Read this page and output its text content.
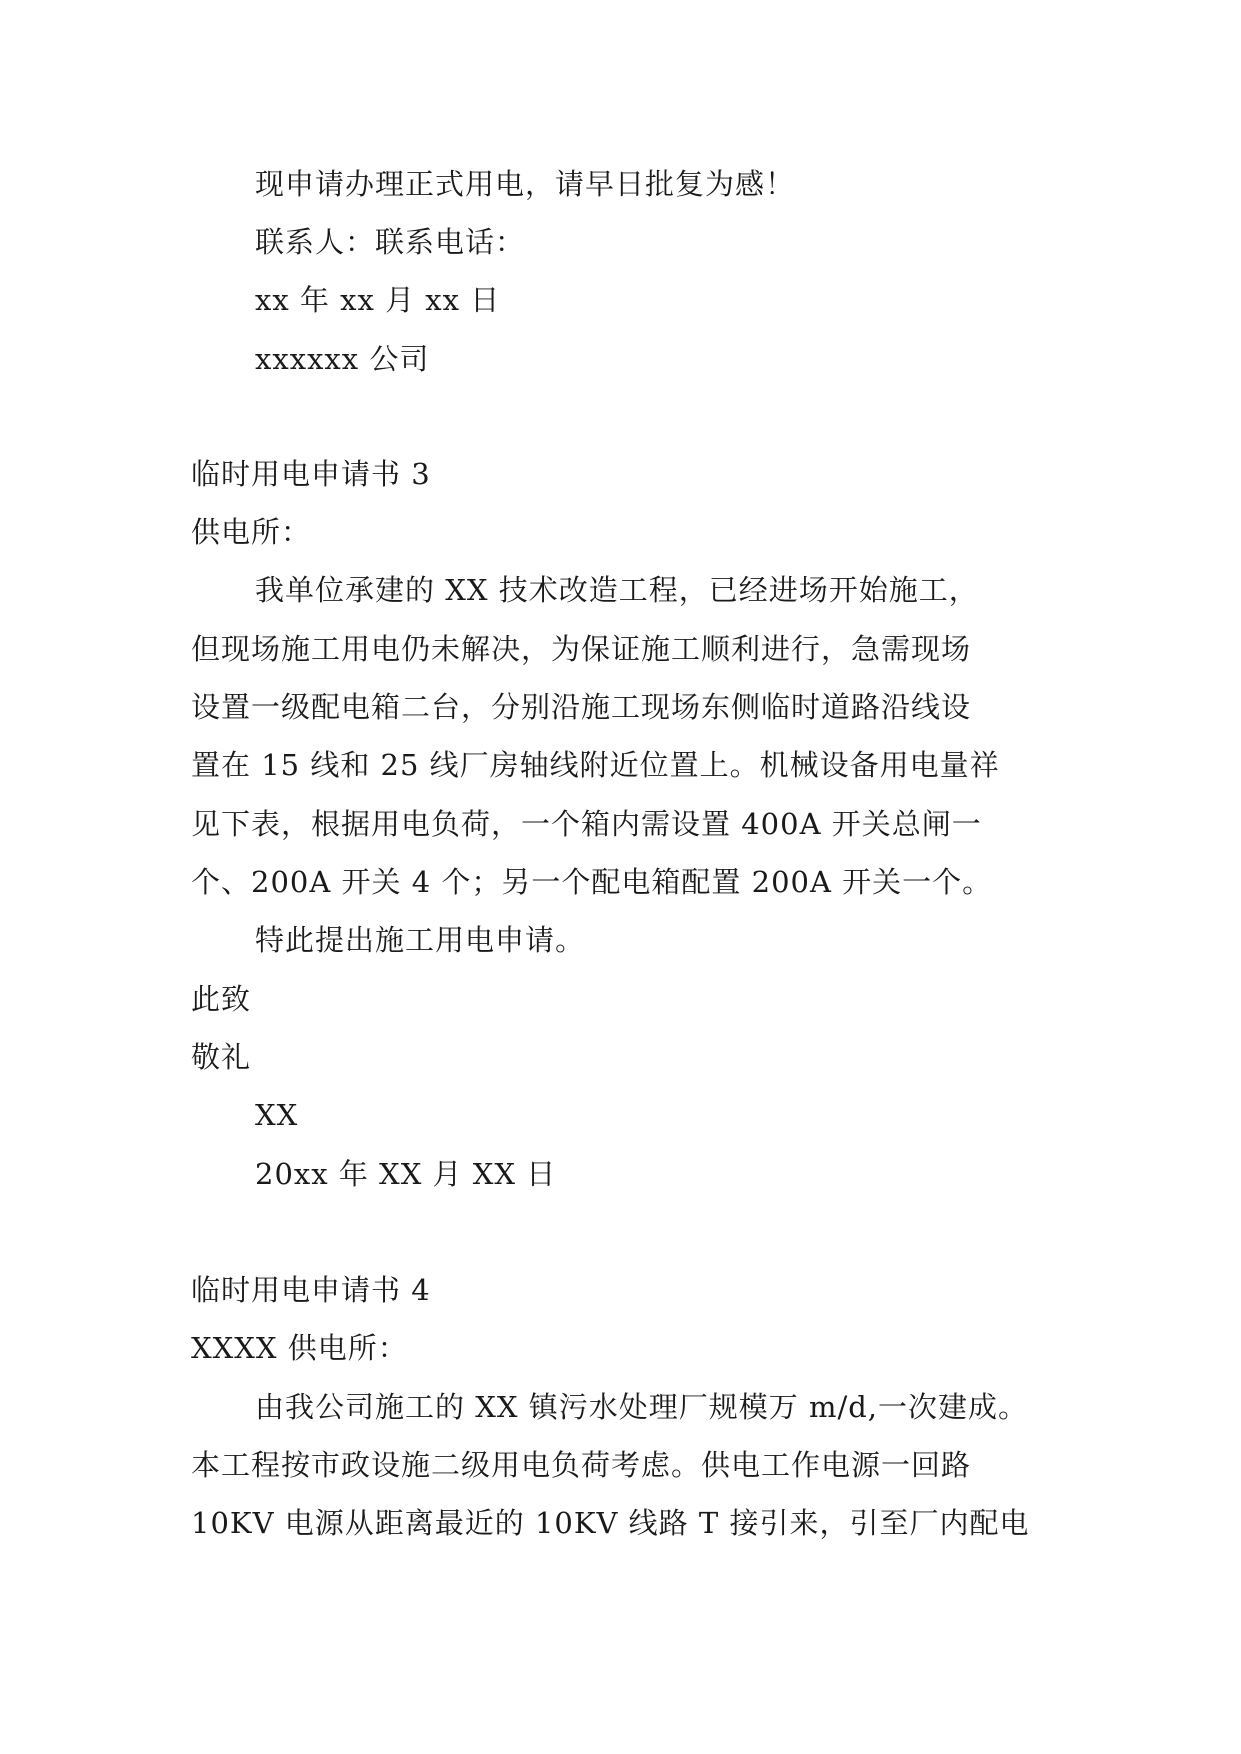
现申请办理正式用电，请早日批复为感！

联系人：联系电话：

xx 年 xx 月 xx 日

xxxxxx 公司

临时用电申请书 3

供电所：

我单位承建的 XX 技术改造工程，已经进场开始施工，

但现场施工用电仍未解决，为保证施工顺利进行，急需现场

设置一级配电箱二台，分别沿施工现场东侧临时道路沿线设

置在 15 线和 25 线厂房轴线附近位置上。机械设备用电量祥

见下表，根据用电负荷，一个箱内需设置 400A 开关总闸一

个、200A 开关 4 个；另一个配电箱配置 200A 开关一个。

特此提出施工用电申请。

此致

敬礼

XX

20xx 年 XX 月 XX 日

临时用电申请书 4

XXXX 供电所：

由我公司施工的 XX 镇污水处理厂规模万 m/d,一次建成。

本工程按市政设施二级用电负荷考虑。供电工作电源一回路

10KV 电源从距离最近的 10KV 线路 T 接引来，引至厂内配电
